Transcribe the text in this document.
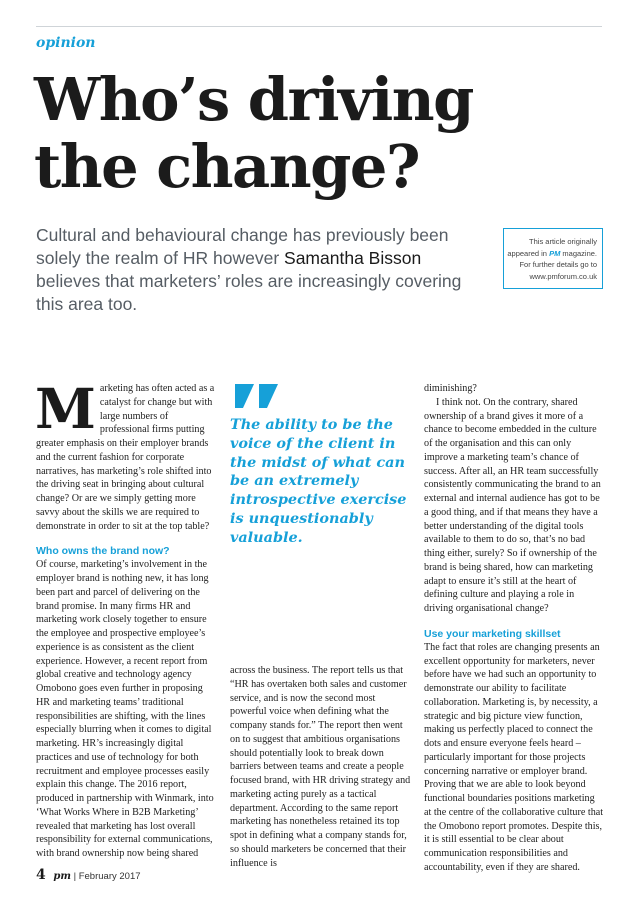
opinion
Who’s driving
the change?

Cultural and behavioural change has previously been solely the realm of HR however Samantha Bisson believes that marketers’ roles are increasingly covering this area too.

This article originally
appeared in PM magazine.
For further details go to
www.pmforum.co.uk

Marketing has often acted as a catalyst for change but with large numbers of professional firms putting greater emphasis on their employer brands and the current fashion for corporate narratives, has marketing’s role shifted into the driving seat in bringing about cultural change? Or are we simply getting more savvy about the skills we are required to demonstrate in order to sit at the top table?

Who owns the brand now?

Of course, marketing’s involvement in the employer brand is nothing new, it has long been part and parcel of delivering on the brand promise. In many firms HR and marketing work closely together to ensure the employee and prospective employee’s experience is as consistent as the client experience. However, a recent report from global creative and technology agency Omobono goes even further in proposing HR and marketing teams’ traditional responsibilities are shifting, with the lines especially blurring when it comes to digital marketing. HR’s increasingly digital practices and use of technology for both recruitment and employee processes easily explain this change. The 2016 report, produced in partnership with Winmark, into ‘What Works Where in B2B Marketing’ revealed that marketing has lost overall responsibility for external communications, with brand ownership now being shared

The ability to be the voice of the client in the midst of what can be an extremely introspective exercise is unquestionably valuable.

across the business. The report tells us that “HR has overtaken both sales and customer service, and is now the second most powerful voice when defining what the company stands for.” The report then went on to suggest that ambitious organisations should potentially look to break down barriers between teams and create a people focused brand, with HR driving strategy and marketing acting purely as a tactical department. According to the same report marketing has nonetheless retained its top spot in defining what a company stands for, so should marketers be concerned that their influence is

diminishing?

I think not. On the contrary, shared ownership of a brand gives it more of a chance to become embedded in the culture of the organisation and this can only improve a marketing team’s chance of success. After all, an HR team successfully consistently communicating the brand to an external and internal audience has got to be a good thing, and if that means they have a better understanding of the digital tools available to them to do so, that’s no bad thing either, surely? So if ownership of the brand is being shared, how can marketing adapt to ensure it’s still at the heart of defining culture and playing a role in driving organisational change?

Use your marketing skillset

The fact that roles are changing presents an excellent opportunity for marketers, never before have we had such an opportunity to demonstrate our ability to facilitate collaboration. Marketing is, by necessity, a strategic and big picture view function, making us perfectly placed to connect the dots and ensure everyone feels heard – particularly important for those projects concerning narrative or employer brand. Proving that we are able to look beyond functional boundaries positions marketing at the centre of the collaborative culture that the Omobono report promotes. Despite this, it is still essential to be clear about communication responsibilities and accountability, even if they are shared.

4 pm | February 2017
